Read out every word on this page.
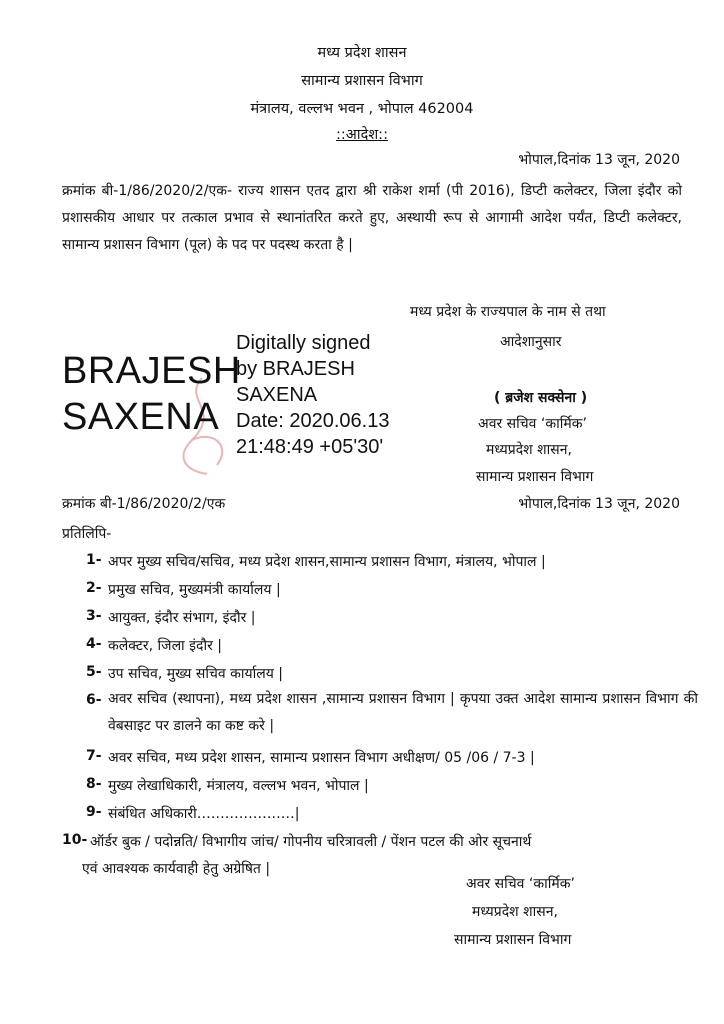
मध्य प्रदेश शासन
सामान्य प्रशासन विभाग
मंत्रालय, वल्लभ भवन , भोपाल 462004
::आदेश::
भोपाल,दिनांक 13 जून, 2020
क्रमांक बी-1/86/2020/2/एक- राज्य शासन एतद द्वारा श्री राकेश शर्मा (पी 2016), डिप्टी कलेक्टर, जिला इंदौर को प्रशासकीय आधार पर तत्काल प्रभाव से स्थानांतरित करते हुए, अस्थायी रूप से आगामी आदेश पर्यंत, डिप्टी कलेक्टर, सामान्य प्रशासन विभाग (पूल) के पद पर पदस्थ करता है |
मध्य प्रदेश के राज्यपाल के नाम से तथा
आदेशानुसार
BRAJESH
SAXENA
Digitally signed
by BRAJESH
SAXENA
Date: 2020.06.13
21:48:49 +05'30'
( ब्रजेश सक्सेना )
अवर सचिव ‘कार्मिक’
मध्यप्रदेश शासन,
सामान्य प्रशासन विभाग
क्रमांक बी-1/86/2020/2/एक	भोपाल,दिनांक 13 जून, 2020
प्रतिलिपि-
1- अपर मुख्य सचिव/सचिव, मध्य प्रदेश शासन,सामान्य प्रशासन विभाग, मंत्रालय, भोपाल |
2- प्रमुख सचिव, मुख्यमंत्री कार्यालय |
3- आयुक्त, इंदौर संभाग, इंदौर |
4- कलेक्टर, जिला इंदौर |
5- उप सचिव, मुख्य सचिव कार्यालय |
6- अवर सचिव (स्थापना), मध्य प्रदेश शासन ,सामान्य प्रशासन विभाग | कृपया उक्त आदेश सामान्य प्रशासन विभाग की वेबसाइट पर डालने का कष्ट करे |
7- अवर सचिव, मध्य प्रदेश शासन, सामान्य प्रशासन विभाग अधीक्षण/ 05 /06 / 7-3 |
8- मुख्य लेखाधिकारी, मंत्रालय, वल्लभ भवन, भोपाल |
9- संबंधित अधिकारी…………………|
10- ऑर्डर बुक / पदोन्नति/ विभागीय जांच/ गोपनीय चरित्रावली / पेंशन पटल की ओर सूचनार्थ
एवं आवश्यक कार्यवाही हेतु अग्रेषित |
अवर सचिव ‘कार्मिक’
मध्यप्रदेश शासन,
सामान्य प्रशासन विभाग
